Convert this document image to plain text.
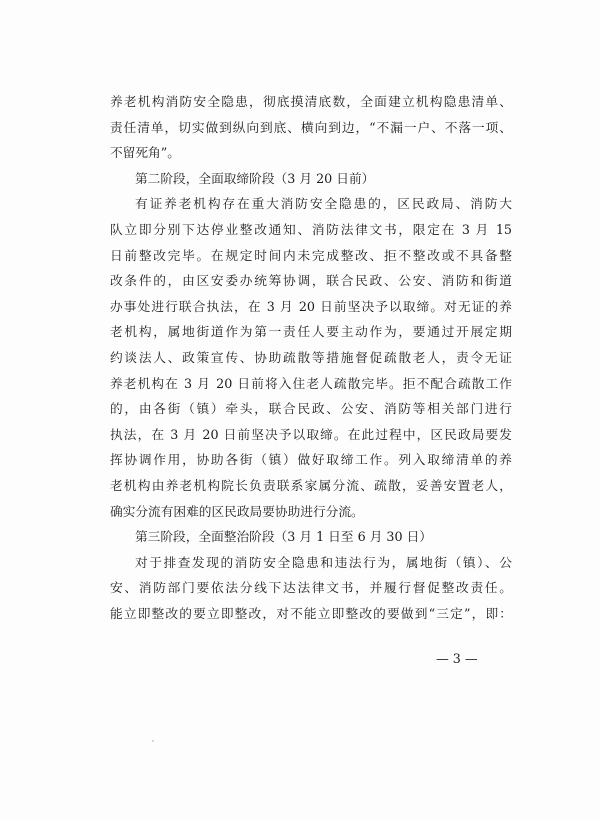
养老机构消防安全隐患，彻底摸清底数，全面建立机构隐患清单、
责任清单，切实做到纵向到底、横向到边，“不漏一户、不落一项、
不留死角”。
第二阶段，全面取缔阶段（3 月 20 日前）
有证养老机构存在重大消防安全隐患的，区民政局、消防大
队立即分别下达停业整改通知、消防法律文书，限定在 3 月 15
日前整改完毕。在规定时间内未完成整改、拒不整改或不具备整
改条件的，由区安委办统筹协调，联合民政、公安、消防和街道
办事处进行联合执法，在 3 月 20 日前坚决予以取缔。对无证的养
老机构，属地街道作为第一责任人要主动作为，要通过开展定期
约谈法人、政策宣传、协助疏散等措施督促疏散老人，责令无证
养老机构在 3 月 20 日前将入住老人疏散完毕。拒不配合疏散工作
的，由各街（镇）牵头，联合民政、公安、消防等相关部门进行
执法，在 3 月 20 日前坚决予以取缔。在此过程中，区民政局要发
挥协调作用，协助各街（镇）做好取缔工作。列入取缔清单的养
老机构由养老机构院长负责联系家属分流、疏散，妥善安置老人，
确实分流有困难的区民政局要协助进行分流。
第三阶段，全面整治阶段（3 月 1 日至 6 月 30 日）
对于排查发现的消防安全隐患和违法行为，属地街（镇）、公
安、消防部门要依法分线下达法律文书，并履行督促整改责任。
能立即整改的要立即整改，对不能立即整改的要做到“三定”，即：
— 3 —
